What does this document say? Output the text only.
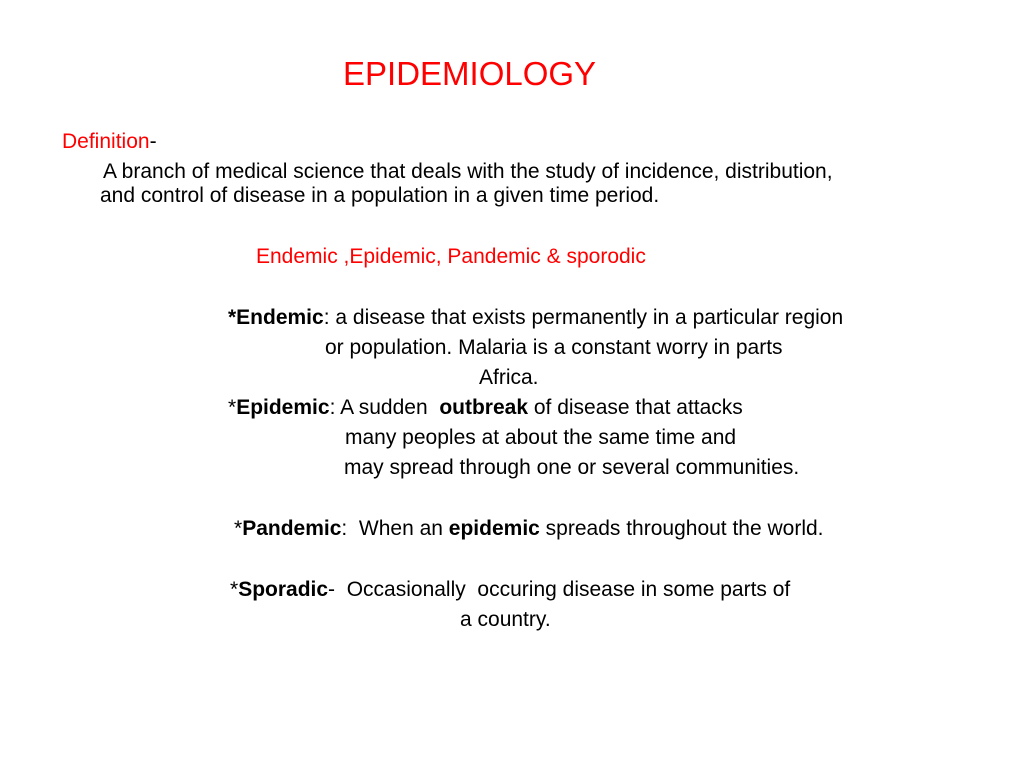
EPIDEMIOLOGY
Definition-
A branch of medical science that deals with the study of incidence, distribution,
and control of disease in a population in a given time period.
Endemic ,Epidemic, Pandemic & sporodic
*Endemic: a disease that exists permanently in a particular region
or population. Malaria is a constant worry in parts
Africa.
*Epidemic: A sudden  outbreak of disease that attacks
many peoples at about the same time and
may spread through one or several communities.
*Pandemic:  When an epidemic spreads throughout the world.
*Sporadic-  Occasionally  occuring disease in some parts of
a country.
